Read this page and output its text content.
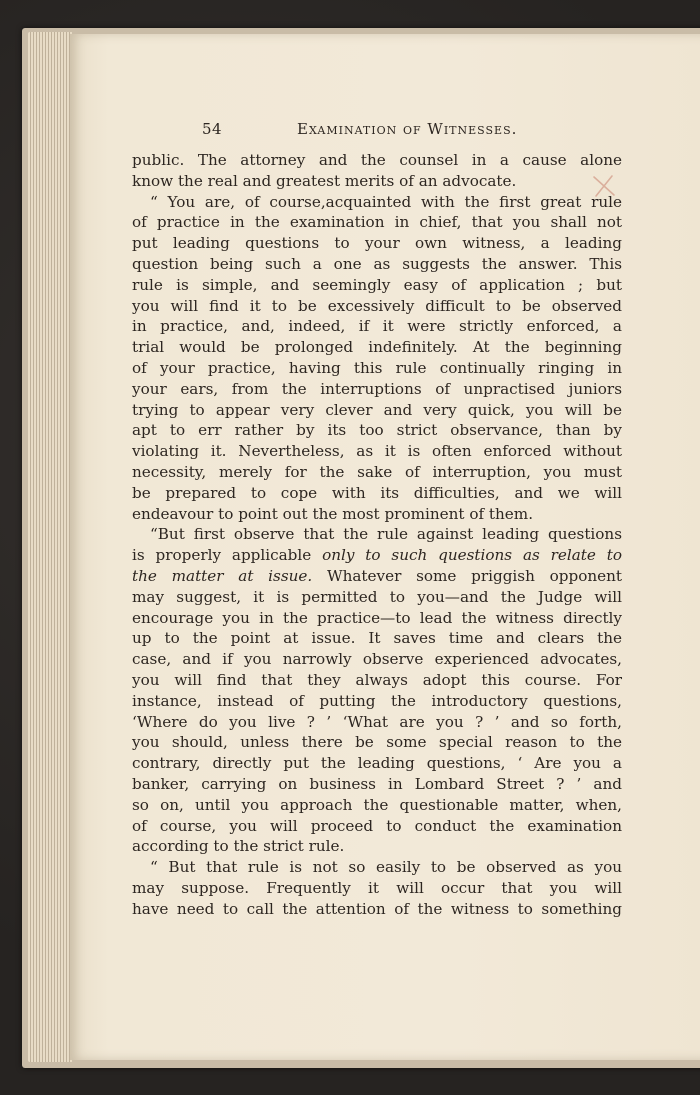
54	Examination of Witnesses.
public. The attorney and the counsel in a cause alone
know the real and greatest merits of an advocate.
“ You are, of course,acquainted with the first great rule
of practice in the examination in chief, that you shall not
put leading questions to your own witness, a leading
question being such a one as suggests the answer. This
rule is simple, and seemingly easy of application ; but
you will find it to be excessively difficult to be observed
in practice, and, indeed, if it were strictly enforced, a
trial would be prolonged indefinitely. At the beginning
of your practice, having this rule continually ringing in
your ears, from the interruptions of unpractised juniors
trying to appear very clever and very quick, you will be
apt to err rather by its too strict observance, than by
violating it. Nevertheless, as it is often enforced without
necessity, merely for the sake of interruption, you must
be prepared to cope with its difficulties, and we will
endeavour to point out the most prominent of them.
“But first observe that the rule against leading questions
is properly applicable only to such questions as relate to
the matter at issue. Whatever some priggish opponent
may suggest, it is permitted to you—and the Judge will
encourage you in the practice—to lead the witness directly
up to the point at issue. It saves time and clears the
case, and if you narrowly observe experienced advocates,
you will find that they always adopt this course. For
instance, instead of putting the introductory questions,
‘Where do you live ? ’ ‘What are you ? ’ and so forth,
you should, unless there be some special reason to the
contrary, directly put the leading questions, ‘ Are you a
banker, carrying on business in Lombard Street ? ’ and
so on, until you approach the questionable matter, when,
of course, you will proceed to conduct the examination
according to the strict rule.
“ But that rule is not so easily to be observed as you
may suppose. Frequently it will occur that you will
have need to call the attention of the witness to something
